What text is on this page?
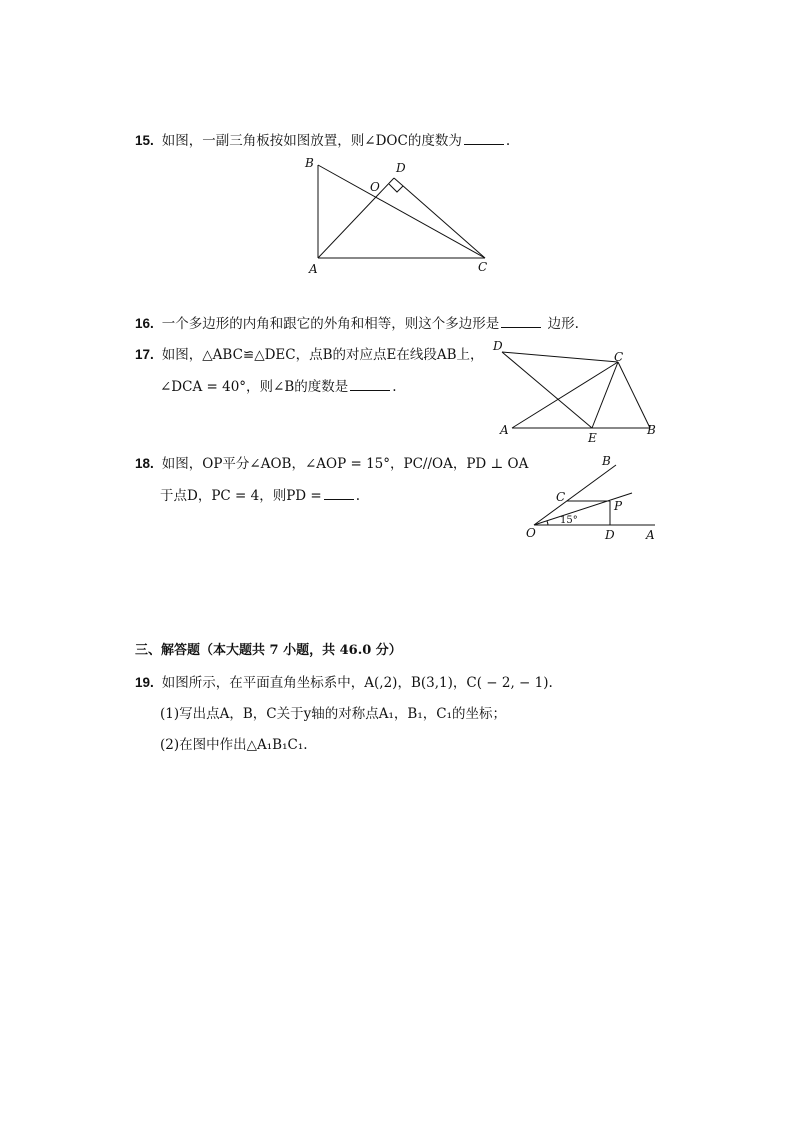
15. 如图，一副三角板按如图放置，则∠DOC的度数为	.
B	D
O
A	C
16. 一个多边形的内角和跟它的外角和相等，则这个多边形是	边形.
17. 如图，△ABC≌△DEC，点B的对应点E在线段AB上，
∠DCA = 40°，则∠B的度数是	.
D
C
A
E
B
18. 如图，OP平分∠AOB，∠AOP = 15°，PC//OA，PD ⊥ OA
于点D，PC = 4，则PD =	.
B
C
P
O	D	A
15°
三、解答题（本大题共 7 小题，共 46.0 分）
19. 如图所示，在平面直角坐标系中，A(,2)，B(3,1)，C( − 2, − 1).
(1)写出点A，B，C关于y轴的对称点A₁，B₁，C₁的坐标；
(2)在图中作出△A₁B₁C₁.
